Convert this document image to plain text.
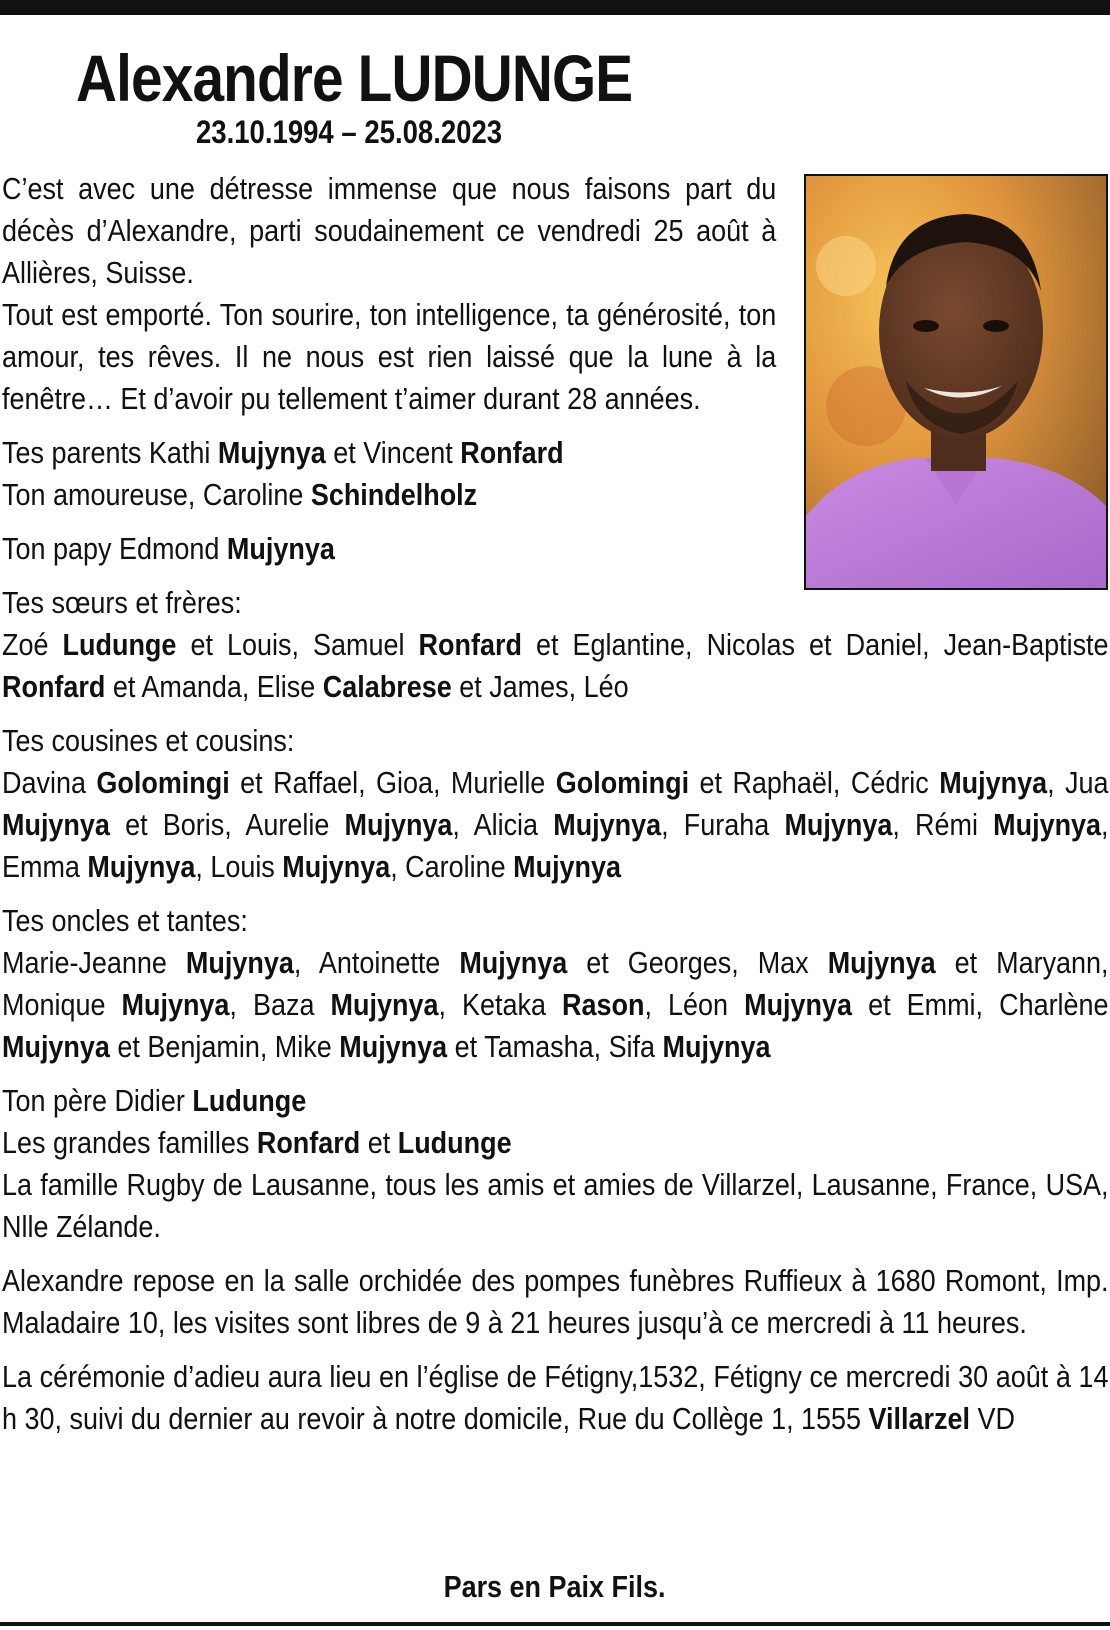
Alexandre LUDUNGE
23.10.1994 – 25.08.2023
C’est avec une détresse immense que nous faisons part du décès d’Alexandre, parti soudainement ce vendredi 25 août à Allières, Suisse.
Tout est emporté. Ton sourire, ton intelligence, ta générosité, ton amour, tes rêves. Il ne nous est rien laissé que la lune à la fenêtre… Et d’avoir pu tellement t’aimer durant 28 années.
Tes parents Kathi Mujynya et Vincent Ronfard
Ton amoureuse, Caroline Schindelholz
Ton papy Edmond Mujynya
Tes sœurs et frères:
Zoé Ludunge et Louis, Samuel Ronfard et Eglantine, Nicolas et Daniel, Jean-Baptiste Ronfard et Amanda, Elise Calabrese et James, Léo
Tes cousines et cousins:
Davina Golomingi et Raffael, Gioa, Murielle Golomingi et Raphaël, Cédric Mujynya, Jua Mujynya et Boris, Aurelie Mujynya, Alicia Mujynya, Furaha Mujynya, Rémi Mujynya, Emma Mujynya, Louis Mujynya, Caroline Mujynya
Tes oncles et tantes:
Marie-Jeanne Mujynya, Antoinette Mujynya et Georges, Max Mujynya et Maryann, Monique Mujynya, Baza Mujynya, Ketaka Rason, Léon Mujynya et Emmi, Charlène Mujynya et Benjamin, Mike Mujynya et Tamasha, Sifa Mujynya
Ton père Didier Ludunge
Les grandes familles Ronfard et Ludunge
La famille Rugby de Lausanne, tous les amis et amies de Villarzel, Lausanne, France, USA, Nlle Zélande.
Alexandre repose en la salle orchidée des pompes funèbres Ruffieux à 1680 Romont, Imp. Maladaire 10, les visites sont libres de 9 à 21 heures jusqu’à ce mercredi à 11 heures.
La cérémonie d’adieu aura lieu en l’église de Fétigny,1532, Fétigny ce mercredi 30 août à 14 h 30, suivi du dernier au revoir à notre domicile, Rue du Collège 1, 1555 Villarzel VD
Pars en Paix Fils.
